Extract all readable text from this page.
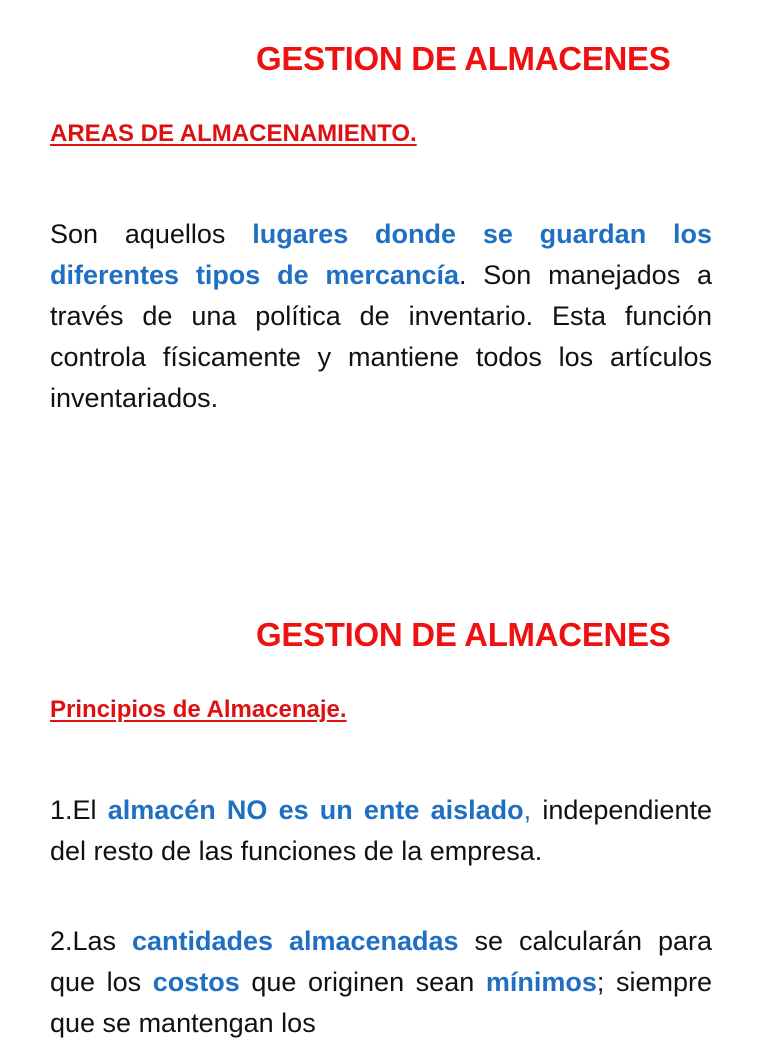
GESTION DE ALMACENES
AREAS DE ALMACENAMIENTO.

Son aquellos lugares donde se guardan los diferentes tipos de mercancía. Son manejados a través de una política de inventario. Esta función controla físicamente y mantiene todos los artículos inventariados.

GESTION DE ALMACENES
Principios de Almacenaje.

1.El almacén NO es un ente aislado, independiente del resto de las funciones de la empresa.

2.Las cantidades almacenadas se calcularán para que los costos que originen sean mínimos; siempre que se mantengan los
